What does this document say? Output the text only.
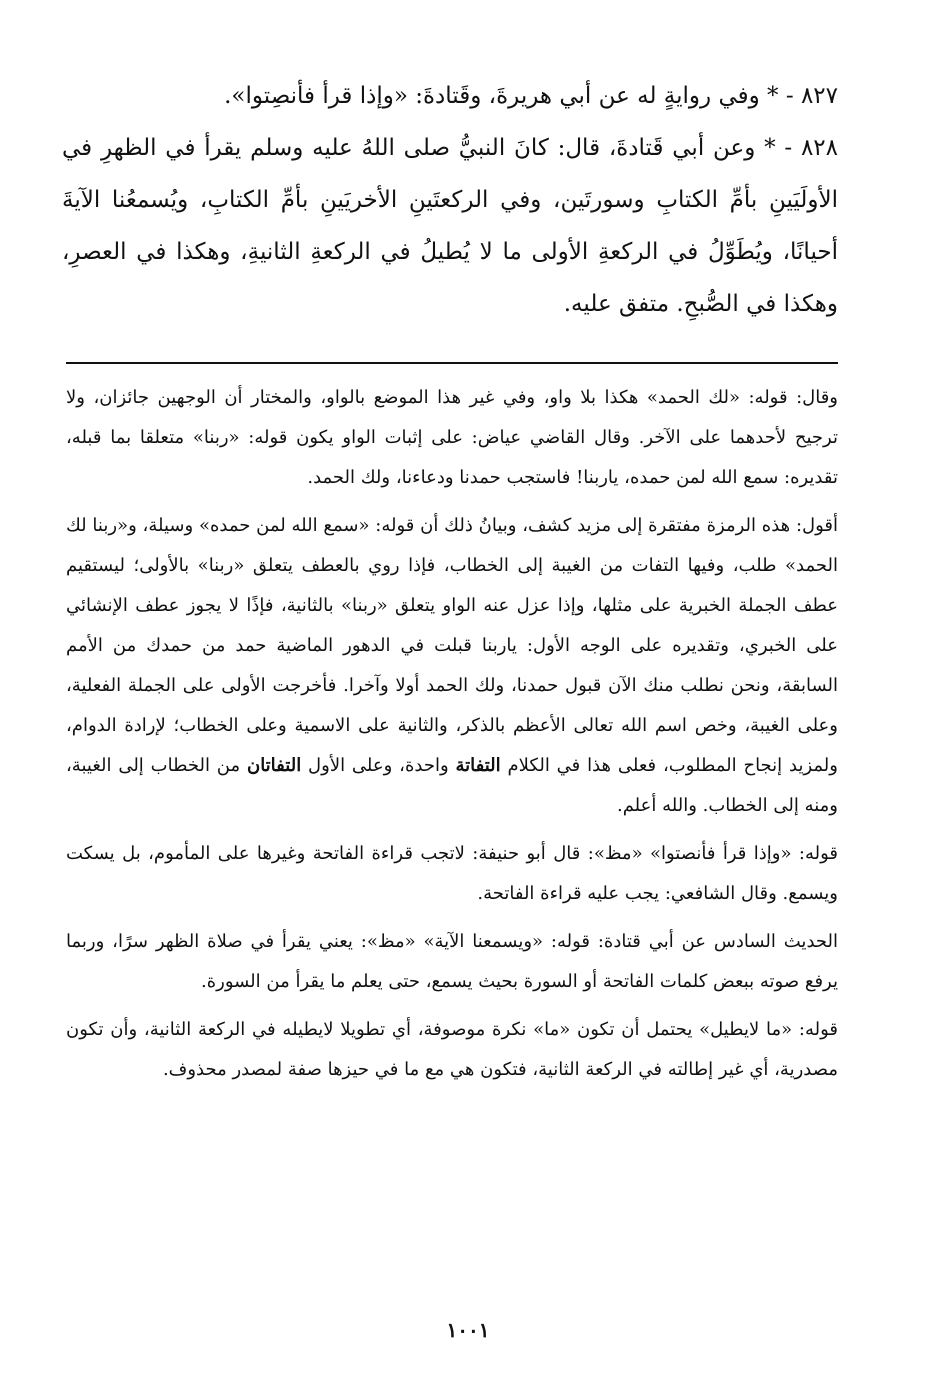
٨٢٧ - * وفي روايةٍ له عن أبي هريرةَ، وقَتادةَ: «وإذا قرأ فأنصِتوا».

٨٢٨ - * وعن أبي قَتادةَ، قال: كانَ النبيُّ صلى اللهُ عليه وسلم يقرأ في الظهرِ في الأولَيَينِ بأمِّ الكتابِ وسورتَين، وفي الركعتَينِ الأخريَينِ بأمِّ الكتابِ، ويُسمعُنا الآيةَ أحيانًا، ويُطَوِّلُ في الركعةِ الأولى ما لا يُطيلُ في الركعةِ الثانيةِ، وهكذا في العصرِ، وهكذا في الصُّبحِ. متفق عليه.

وقال: قوله: «لك الحمد» هكذا بلا واو، وفي غير هذا الموضع بالواو، والمختار أن الوجهين جائزان، ولا ترجيح لأحدهما على الآخر. وقال القاضي عياض: على إثبات الواو يكون قوله: «ربنا» متعلقا بما قبله، تقديره: سمع الله لمن حمده، ياربنا! فاستجب حمدنا ودعاءنا، ولك الحمد.

أقول: هذه الرمزة مفتقرة إلى مزيد كشف، وبيانُ ذلك أن قوله: «سمع الله لمن حمده» وسيلة، و«ربنا لك الحمد» طلب، وفيها التفات من الغيبة إلى الخطاب، فإذا روي بالعطف يتعلق «ربنا» بالأولى؛ ليستقيم عطف الجملة الخبرية على مثلها، وإذا عزل عنه الواو يتعلق «ربنا» بالثانية، فإذًا لا يجوز عطف الإنشائي على الخبري، وتقديره على الوجه الأول: ياربنا قبلت في الدهور الماضية حمد من حمدك من الأمم السابقة، ونحن نطلب منك الآن قبول حمدنا، ولك الحمد أولا وآخرا. فأخرجت الأولى على الجملة الفعلية، وعلى الغيبة، وخص اسم الله تعالى الأعظم بالذكر، والثانية على الاسمية وعلى الخطاب؛ لإرادة الدوام، ولمزيد إنجاح المطلوب، فعلى هذا في الكلام التفاتة واحدة، وعلى الأول التفاتان من الخطاب إلى الغيبة، ومنه إلى الخطاب. والله أعلم.

قوله: «وإذا قرأ فأنصتوا» «مظ»: قال أبو حنيفة: لاتجب قراءة الفاتحة وغيرها على المأموم، بل يسكت ويسمع. وقال الشافعي: يجب عليه قراءة الفاتحة.

الحديث السادس عن أبي قتادة: قوله: «ويسمعنا الآية» «مظ»: يعني يقرأ في صلاة الظهر سرًا، وربما يرفع صوته ببعض كلمات الفاتحة أو السورة بحيث يسمع، حتى يعلم ما يقرأ من السورة.

قوله: «ما لايطيل» يحتمل أن تكون «ما» نكرة موصوفة، أي تطويلا لايطيله في الركعة الثانية، وأن تكون مصدرية، أي غير إطالته في الركعة الثانية، فتكون هي مع ما في حيزها صفة لمصدر محذوف.

١٠٠١
